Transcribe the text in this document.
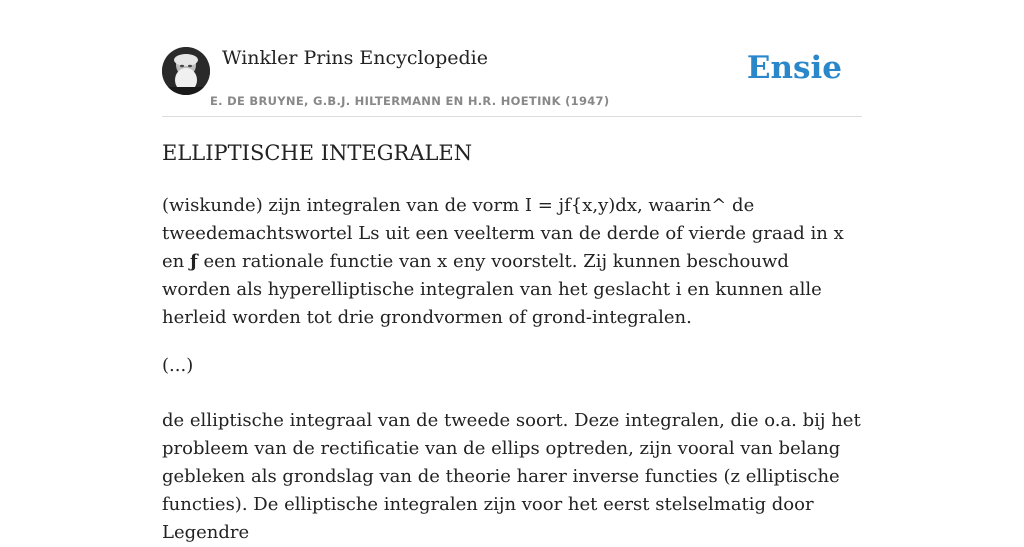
Winkler Prins Encyclopedie
E. DE BRUYNE, G.B.J. HILTERMANN EN H.R. HOETINK (1947)
Ensie
ELLIPTISCHE INTEGRALEN

(wiskunde) zijn integralen van de vorm I = jf{x,y)dx, waarin^ de tweedemachtswortel Ls uit een veelterm van de derde of vierde graad in x en ƒ een rationale functie van x eny voorstelt. Zij kunnen beschouwd worden als hyperelliptische integralen van het geslacht i en kunnen alle herleid worden tot drie grondvormen of grond-integralen.

(...)

de elliptische integraal van de tweede soort. Deze integralen, die o.a. bij het probleem van de rectificatie van de ellips optreden, zijn vooral van belang gebleken als grondslag van de theorie harer inverse functies (z elliptische functies). De elliptische integralen zijn voor het eerst stelselmatig door Legendre
